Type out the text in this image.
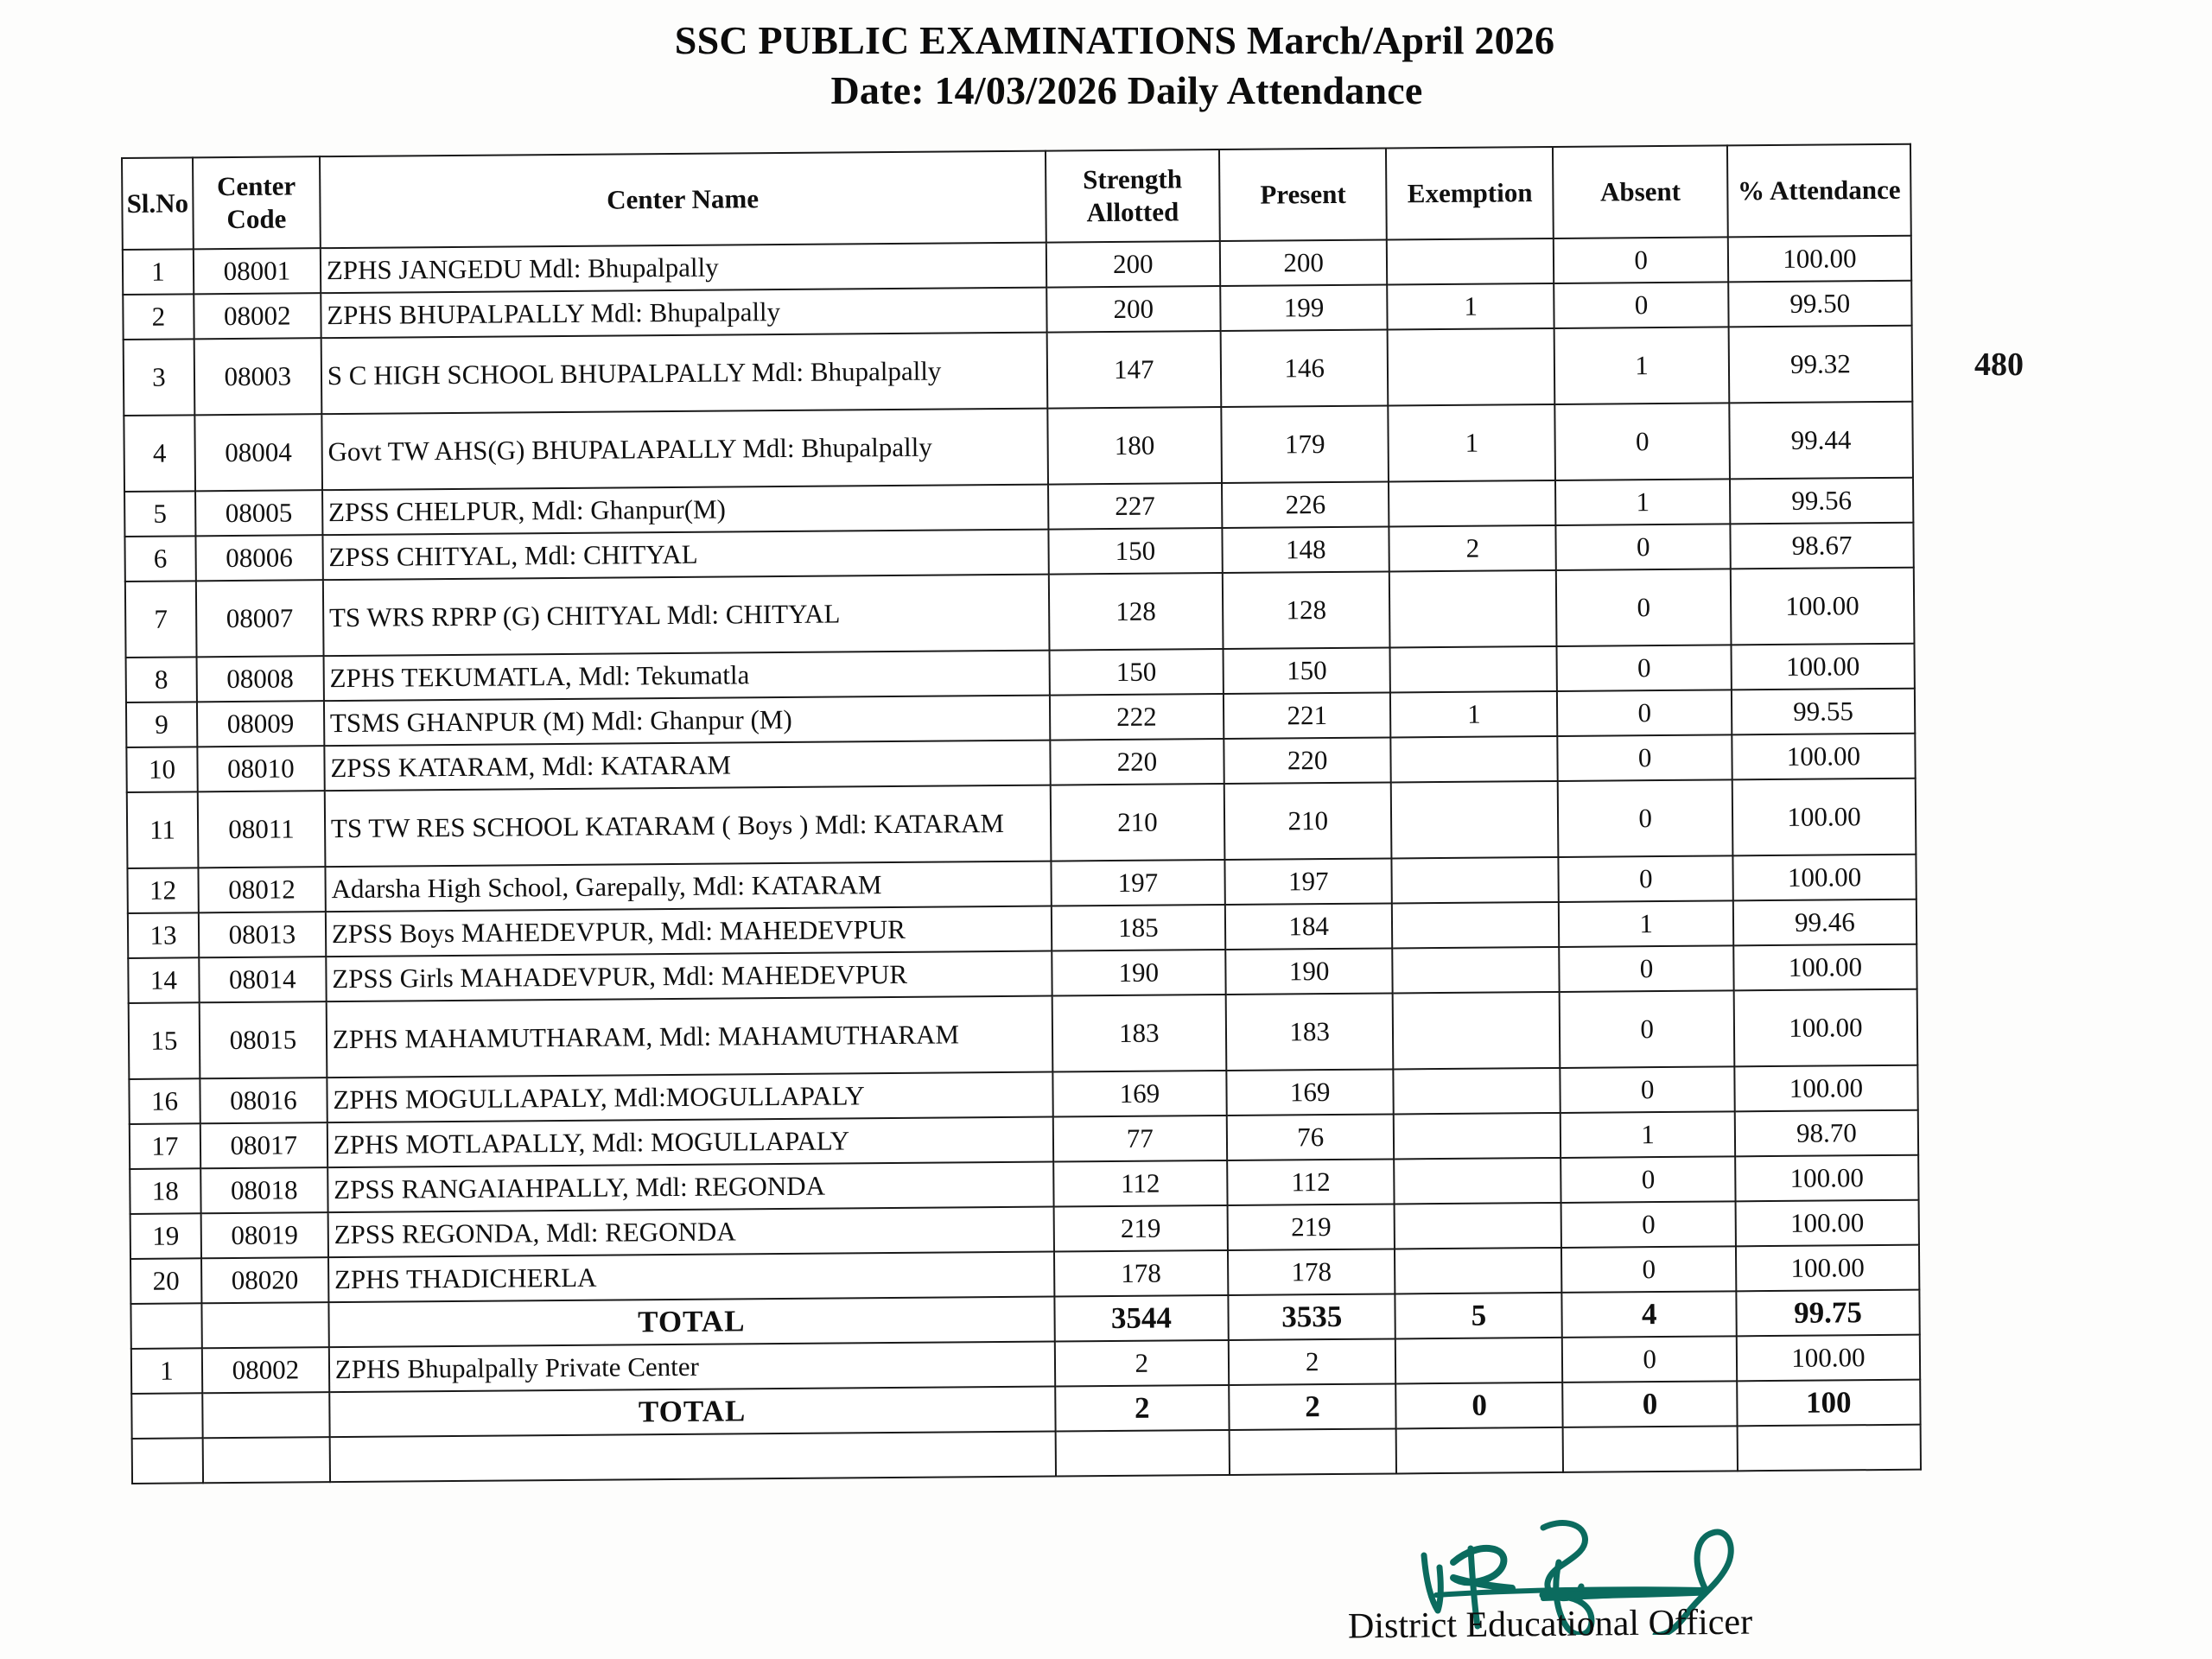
SSC PUBLIC EXAMINATIONS March/April 2026
Date: 14/03/2026 Daily Attendance
480
Sl.No	Center Code	Center Name	Strength Allotted	Present	Exemption	Absent	% Attendance
1	08001	ZPHS JANGEDU Mdl: Bhupalpally	200	200		0	100.00
2	08002	ZPHS BHUPALPALLY Mdl: Bhupalpally	200	199	1	0	99.50
3	08003	S C HIGH SCHOOL BHUPALPALLY Mdl: Bhupalpally	147	146		1	99.32
4	08004	Govt TW AHS(G) BHUPALAPALLY Mdl: Bhupalpally	180	179	1	0	99.44
5	08005	ZPSS CHELPUR, Mdl: Ghanpur(M)	227	226		1	99.56
6	08006	ZPSS CHITYAL, Mdl: CHITYAL	150	148	2	0	98.67
7	08007	TS WRS RPRP (G) CHITYAL Mdl: CHITYAL	128	128		0	100.00
8	08008	ZPHS TEKUMATLA, Mdl: Tekumatla	150	150		0	100.00
9	08009	TSMS GHANPUR (M) Mdl: Ghanpur (M)	222	221	1	0	99.55
10	08010	ZPSS KATARAM, Mdl: KATARAM	220	220		0	100.00
11	08011	TS TW RES SCHOOL KATARAM ( Boys ) Mdl: KATARAM	210	210		0	100.00
12	08012	Adarsha High School, Garepally, Mdl: KATARAM	197	197		0	100.00
13	08013	ZPSS Boys MAHEDEVPUR, Mdl: MAHEDEVPUR	185	184		1	99.46
14	08014	ZPSS Girls MAHADEVPUR, Mdl: MAHEDEVPUR	190	190		0	100.00
15	08015	ZPHS MAHAMUTHARAM, Mdl: MAHAMUTHARAM	183	183		0	100.00
16	08016	ZPHS MOGULLAPALY, Mdl:MOGULLAPALY	169	169		0	100.00
17	08017	ZPHS MOTLAPALLY, Mdl: MOGULLAPALY	77	76		1	98.70
18	08018	ZPSS RANGAIAHPALLY, Mdl: REGONDA	112	112		0	100.00
19	08019	ZPSS REGONDA, Mdl: REGONDA	219	219		0	100.00
20	08020	ZPHS THADICHERLA	178	178		0	100.00
		TOTAL	3544	3535	5	4	99.75
1	08002	ZPHS Bhupalpally Private Center	2	2		0	100.00
		TOTAL	2	2	0	0	100

District Educational Officer
